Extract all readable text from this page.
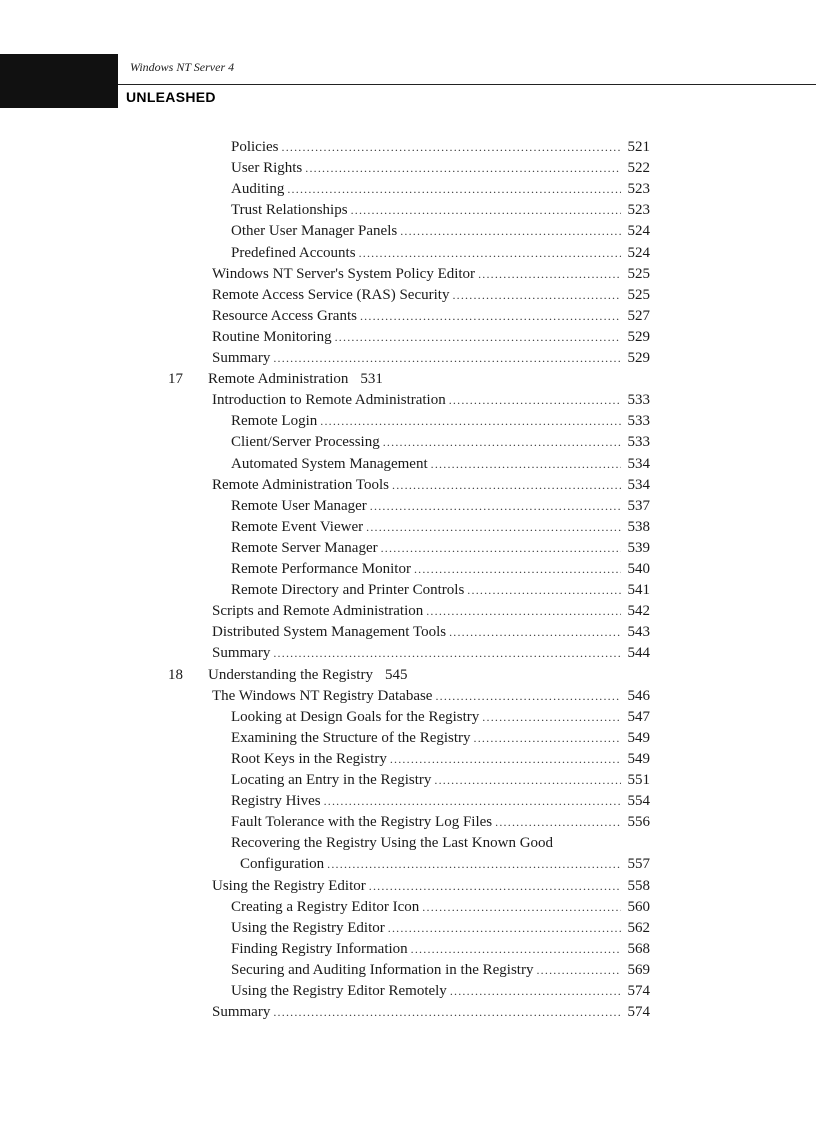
xiv
Windows NT Server 4
UNLEASHED
Policies .....	521
User Rights .....	522
Auditing .....	523
Trust Relationships .....	523
Other User Manager Panels .....	524
Predefined Accounts .....	524
Windows NT Server's System Policy Editor .....	525
Remote Access Service (RAS) Security .....	525
Resource Access Grants .....	527
Routine Monitoring .....	529
Summary .....	529
17 Remote Administration 531
Introduction to Remote Administration .....	533
Remote Login .....	533
Client/Server Processing .....	533
Automated System Management .....	534
Remote Administration Tools .....	534
Remote User Manager .....	537
Remote Event Viewer .....	538
Remote Server Manager .....	539
Remote Performance Monitor .....	540
Remote Directory and Printer Controls .....	541
Scripts and Remote Administration .....	542
Distributed System Management Tools .....	543
Summary .....	544
18 Understanding the Registry 545
The Windows NT Registry Database .....	546
Looking at Design Goals for the Registry .....	547
Examining the Structure of the Registry .....	549
Root Keys in the Registry .....	549
Locating an Entry in the Registry .....	551
Registry Hives .....	554
Fault Tolerance with the Registry Log Files .....	556
Recovering the Registry Using the Last Known Good
Configuration .....	557
Using the Registry Editor .....	558
Creating a Registry Editor Icon .....	560
Using the Registry Editor .....	562
Finding Registry Information .....	568
Securing and Auditing Information in the Registry .....	569
Using the Registry Editor Remotely .....	574
Summary .....	574
